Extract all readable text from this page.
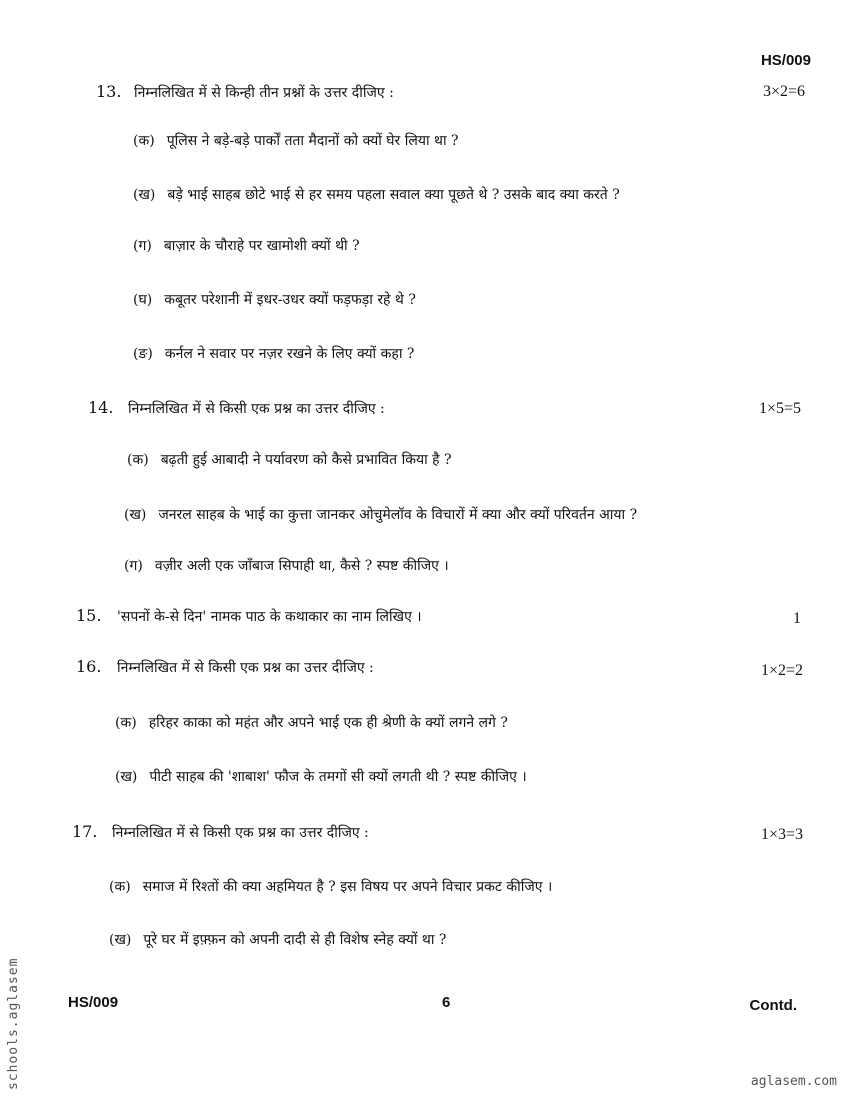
HS/009
13. निम्नलिखित में से किन्ही तीन प्रश्नों के उत्तर दीजिए :	3×2=6
(क) पूलिस ने बड़े-बड़े पार्कों तता मैदानों को क्यों घेर लिया था ?
(ख) बड़े भाई साहब छोटे भाई से हर समय पहला सवाल क्या पूछते थे ? उसके बाद क्या करते ?
(ग) बाज़ार के चौराहे पर खामोशी क्यों थी ?
(घ) कबूतर परेशानी में इधर-उधर क्यों फड़फड़ा रहे थे ?
(ङ) कर्नल ने सवार पर नज़र रखने के लिए क्यों कहा ?
14. निम्नलिखित में से किसी एक प्रश्न का उत्तर दीजिए :	1×5=5
(क) बढ़ती हुई आबादी ने पर्यावरण को कैसे प्रभावित किया है ?
(ख) जनरल साहब के भाई का कुत्ता जानकर ओचुमेलॉव के विचारों में क्या और क्यों परिवर्तन आया ?
(ग) वज़ीर अली एक जाँबाज सिपाही था, कैसे ? स्पष्ट कीजिए ।
15. 'सपनों के-से दिन' नामक पाठ के कथाकार का नाम लिखिए ।	1
16. निम्नलिखित में से किसी एक प्रश्न का उत्तर दीजिए :	1×2=2
(क) हरिहर काका को महंत और अपने भाई एक ही श्रेणी के क्यों लगने लगे ?
(ख) पीटी साहब की 'शाबाश' फौज के तमगों सी क्यों लगती थी ? स्पष्ट कीजिए ।
17. निम्नलिखित में से किसी एक प्रश्न का उत्तर दीजिए :	1×3=3
(क) समाज में रिश्तों की क्या अहमियत है ? इस विषय पर अपने विचार प्रकट कीजिए ।
(ख) पूरे घर में इफ़्फ़न को अपनी दादी से ही विशेष स्नेह क्यों था ?
HS/009	6	Contd.
schools.aglasem	aglasem.com
